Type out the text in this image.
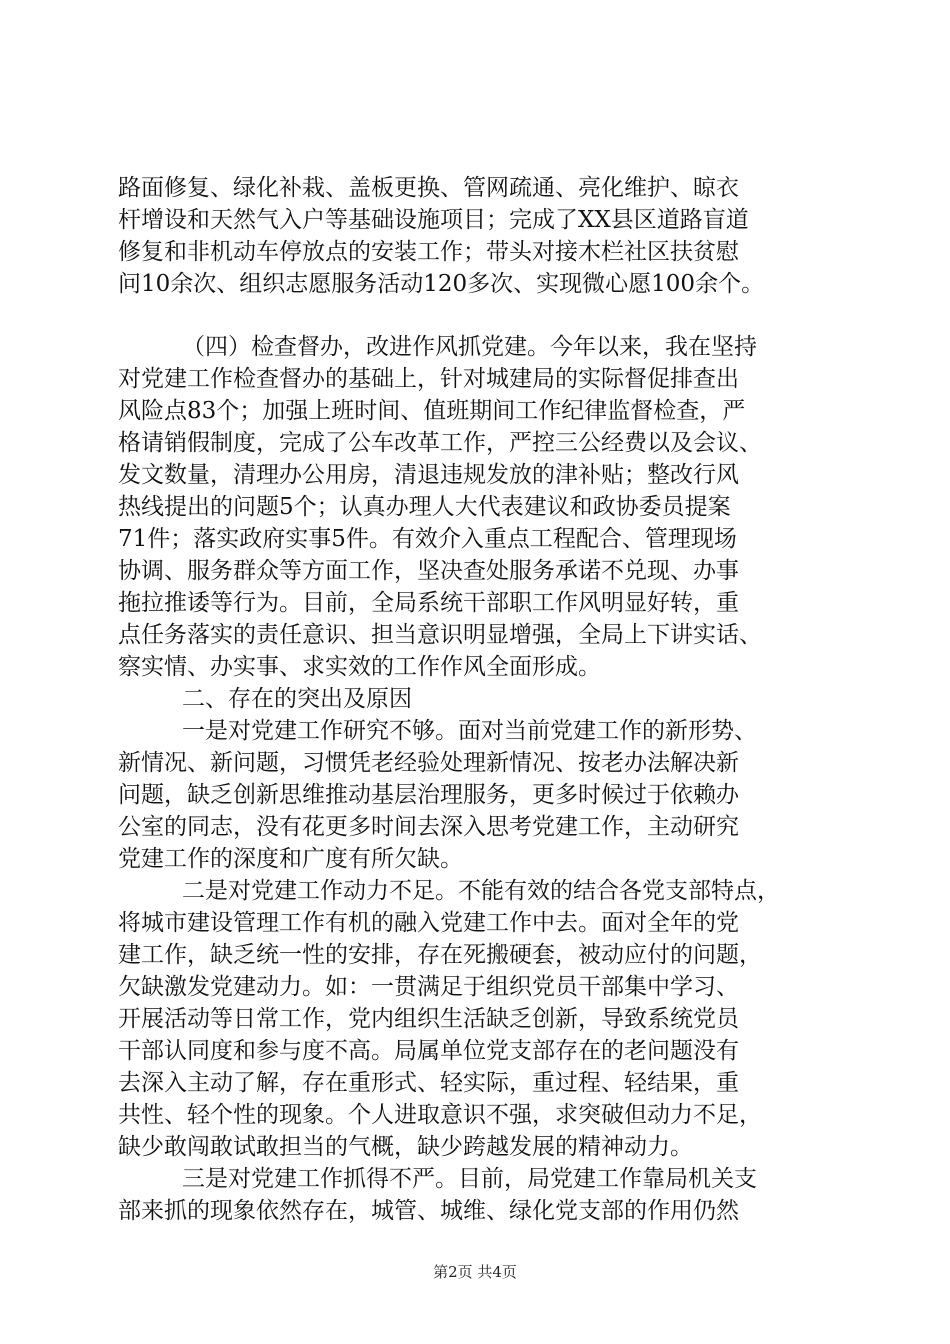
路面修复、绿化补栽、盖板更换、管网疏通、亮化维护、晾衣
杆增设和天然气入户等基础设施项目；完成了XX县区道路盲道
修复和非机动车停放点的安装工作；带头对接木栏社区扶贫慰
问10余次、组织志愿服务活动120多次、实现微心愿100余个。
（四）检查督办，改进作风抓党建。今年以来，我在坚持
对党建工作检查督办的基础上，针对城建局的实际督促排查出
风险点83个；加强上班时间、值班期间工作纪律监督检查，严
格请销假制度，完成了公车改革工作，严控三公经费以及会议、
发文数量，清理办公用房，清退违规发放的津补贴；整改行风
热线提出的问题5个；认真办理人大代表建议和政协委员提案
71件；落实政府实事5件。有效介入重点工程配合、管理现场
协调、服务群众等方面工作，坚决查处服务承诺不兑现、办事
拖拉推诿等行为。目前，全局系统干部职工作风明显好转，重
点任务落实的责任意识、担当意识明显增强，全局上下讲实话、
察实情、办实事、求实效的工作作风全面形成。
二、存在的突出及原因
一是对党建工作研究不够。面对当前党建工作的新形势、
新情况、新问题，习惯凭老经验处理新情况、按老办法解决新
问题，缺乏创新思维推动基层治理服务，更多时候过于依赖办
公室的同志，没有花更多时间去深入思考党建工作，主动研究
党建工作的深度和广度有所欠缺。
二是对党建工作动力不足。不能有效的结合各党支部特点，
将城市建设管理工作有机的融入党建工作中去。面对全年的党
建工作，缺乏统一性的安排，存在死搬硬套，被动应付的问题，
欠缺激发党建动力。如：一贯满足于组织党员干部集中学习、
开展活动等日常工作，党内组织生活缺乏创新，导致系统党员
干部认同度和参与度不高。局属单位党支部存在的老问题没有
去深入主动了解，存在重形式、轻实际，重过程、轻结果，重
共性、轻个性的现象。个人进取意识不强，求突破但动力不足，
缺少敢闯敢试敢担当的气概，缺少跨越发展的精神动力。
三是对党建工作抓得不严。目前，局党建工作靠局机关支
部来抓的现象依然存在，城管、城维、绿化党支部的作用仍然
第2页 共4页
